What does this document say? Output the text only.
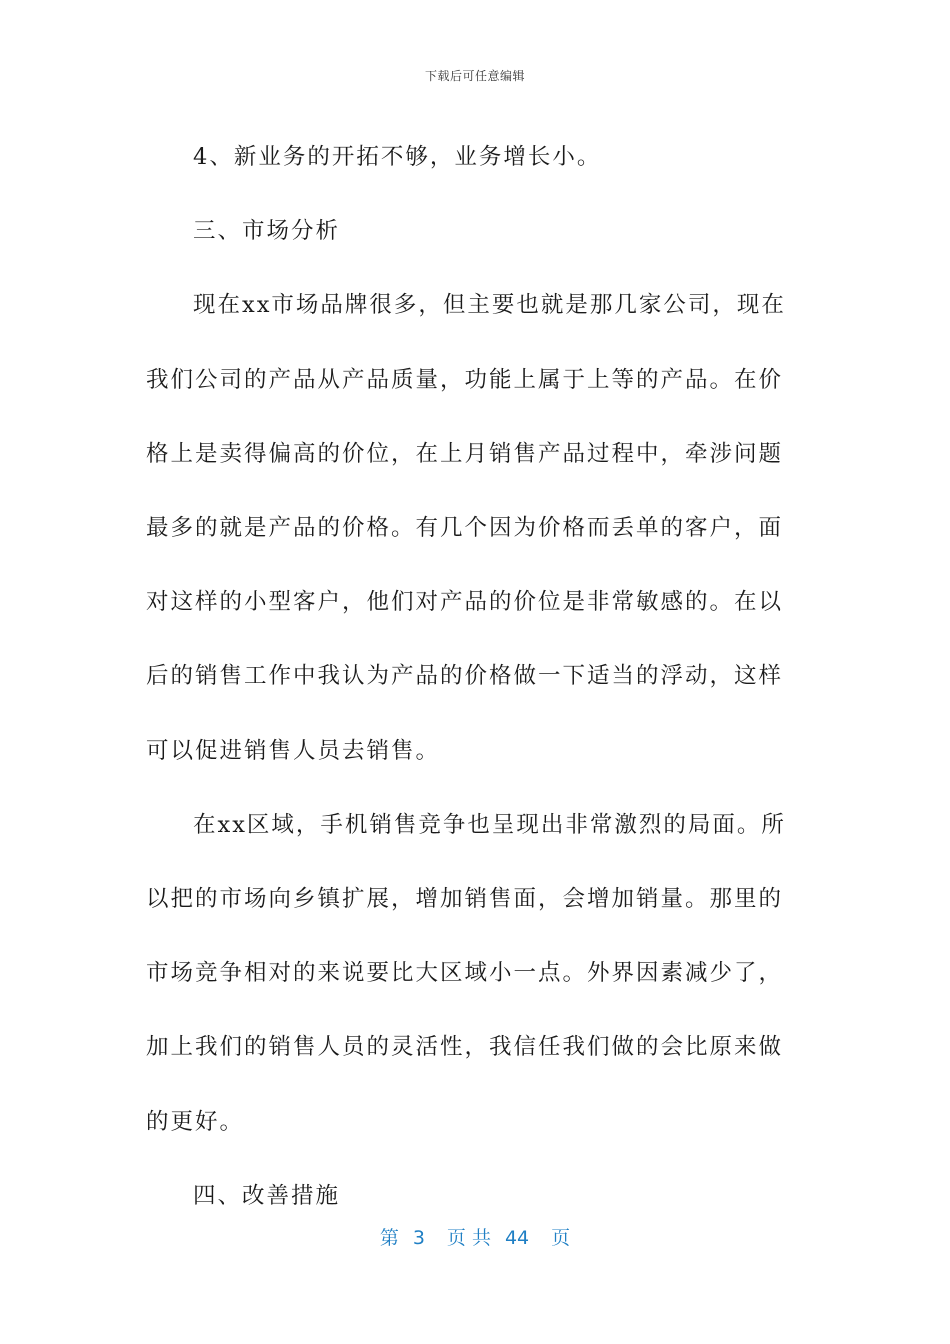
下载后可任意编辑

4、新业务的开拓不够，业务增长小。

三、市场分析

现在xx市场品牌很多，但主要也就是那几家公司，现在我们公司的产品从产品质量，功能上属于上等的产品。在价格上是卖得偏高的价位，在上月销售产品过程中，牵涉问题最多的就是产品的价格。有几个因为价格而丢单的客户，面对这样的小型客户，他们对产品的价位是非常敏感的。在以后的销售工作中我认为产品的价格做一下适当的浮动，这样可以促进销售人员去销售。

在xx区域，手机销售竞争也呈现出非常激烈的局面。所以把的市场向乡镇扩展，增加销售面，会增加销量。那里的市场竞争相对的来说要比大区域小一点。外界因素减少了，加上我们的销售人员的灵活性，我信任我们做的会比原来做的更好。

四、改善措施

第 3 页 共 44 页
